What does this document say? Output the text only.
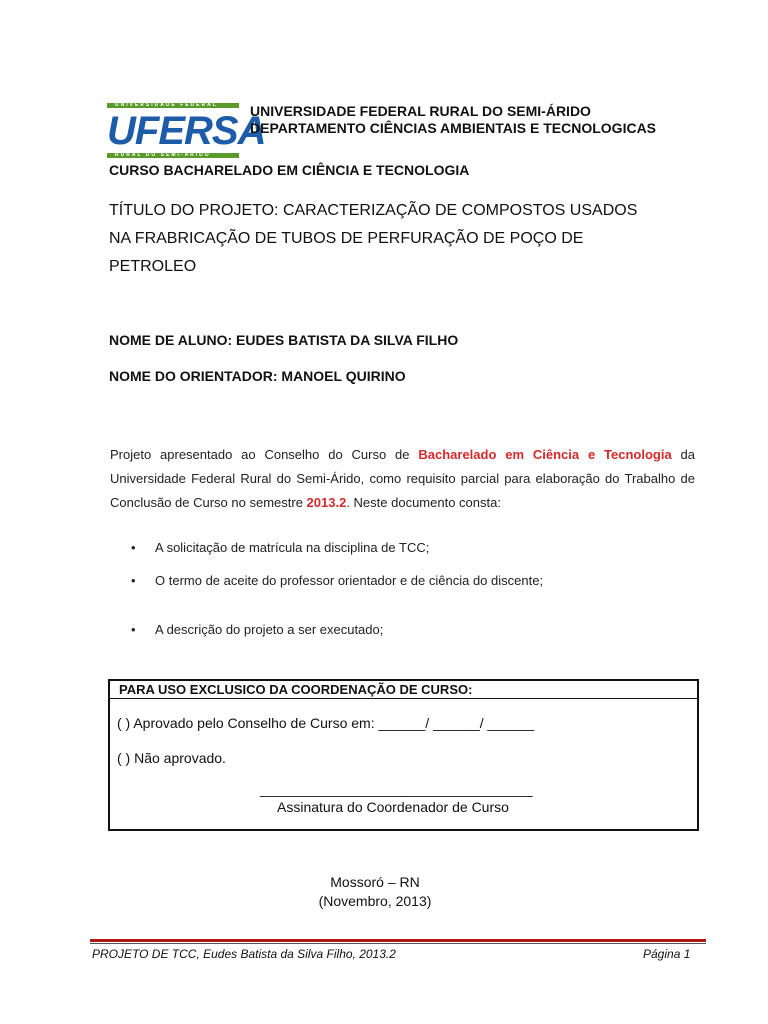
UNIVERSIDADE FEDERAL
UFERSA
RURAL DO SEMI-ÁRIDO
UNIVERSIDADE FEDERAL RURAL DO SEMI-ÁRIDO
DEPARTAMENTO CIÊNCIAS AMBIENTAIS E TECNOLOGICAS
CURSO BACHARELADO EM CIÊNCIA E TECNOLOGIA
TÍTULO DO PROJETO: CARACTERIZAÇÃO DE COMPOSTOS USADOS NA FRABRICAÇÃO DE TUBOS DE PERFURAÇÃO DE POÇO DE PETROLEO
NOME DE ALUNO: EUDES BATISTA DA SILVA FILHO
NOME DO ORIENTADOR: MANOEL QUIRINO
Projeto apresentado ao Conselho do Curso de Bacharelado em Ciência e Tecnologia da Universidade Federal Rural do Semi-Árido, como requisito parcial para elaboração do Trabalho de Conclusão de Curso no semestre 2013.2. Neste documento consta:
• A solicitação de matrícula na disciplina de TCC;
• O termo de aceite do professor orientador e de ciência do discente;
• A descrição do projeto a ser executado;
PARA USO EXCLUSICO DA COORDENAÇÃO DE CURSO:
( ) Aprovado pelo Conselho de Curso em: ______/ ______/ ______
( ) Não aprovado.
___________________________________
Assinatura do Coordenador de Curso
Mossoró – RN
(Novembro, 2013)
PROJETO DE TCC, Eudes Batista da Silva Filho, 2013.2	Página 1
